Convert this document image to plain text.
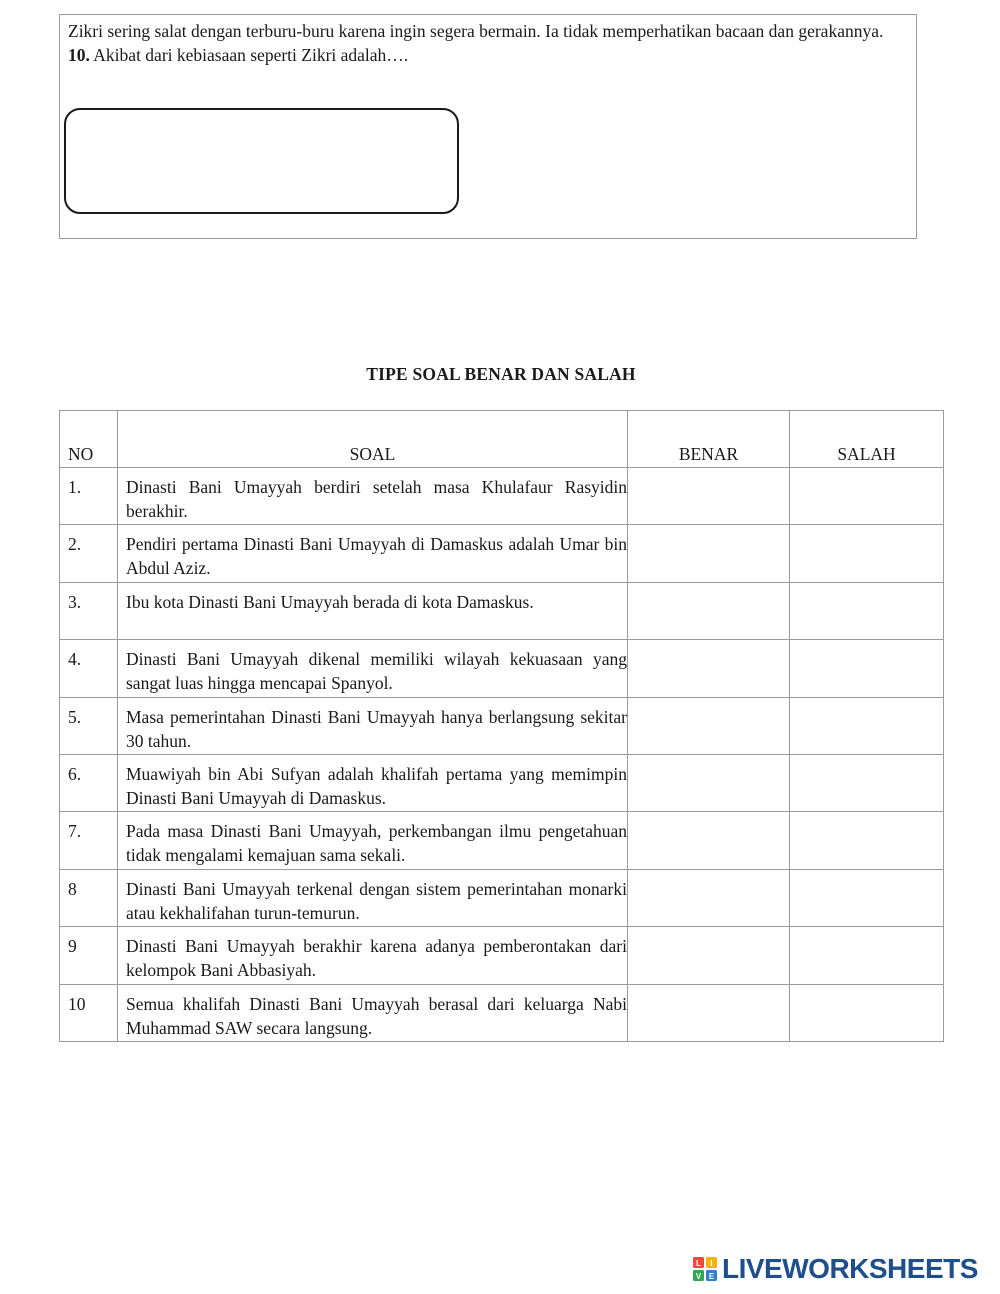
Zikri sering salat dengan terburu-buru karena ingin segera bermain. Ia tidak memperhatikan bacaan dan gerakannya.
10. Akibat dari kebiasaan seperti Zikri adalah….
TIPE SOAL BENAR DAN SALAH
NO	SOAL	BENAR	SALAH
1.	Dinasti Bani Umayyah berdiri setelah masa Khulafaur Rasyidin berakhir.		
2.	Pendiri pertama Dinasti Bani Umayyah di Damaskus adalah Umar bin Abdul Aziz.		
3.	Ibu kota Dinasti Bani Umayyah berada di kota Damaskus.		
4.	Dinasti Bani Umayyah dikenal memiliki wilayah kekuasaan yang sangat luas hingga mencapai Spanyol.		
5.	Masa pemerintahan Dinasti Bani Umayyah hanya berlangsung sekitar 30 tahun.		
6.	Muawiyah bin Abi Sufyan adalah khalifah pertama yang memimpin Dinasti Bani Umayyah di Damaskus.		
7.	Pada masa Dinasti Bani Umayyah, perkembangan ilmu pengetahuan tidak mengalami kemajuan sama sekali.		
8	Dinasti Bani Umayyah terkenal dengan sistem pemerintahan monarki atau kekhalifahan turun-temurun.		
9	Dinasti Bani Umayyah berakhir karena adanya pemberontakan dari kelompok Bani Abbasiyah.		
10	Semua khalifah Dinasti Bani Umayyah berasal dari keluarga Nabi Muhammad SAW secara langsung.		
L I
V E LIVEWORKSHEETS
